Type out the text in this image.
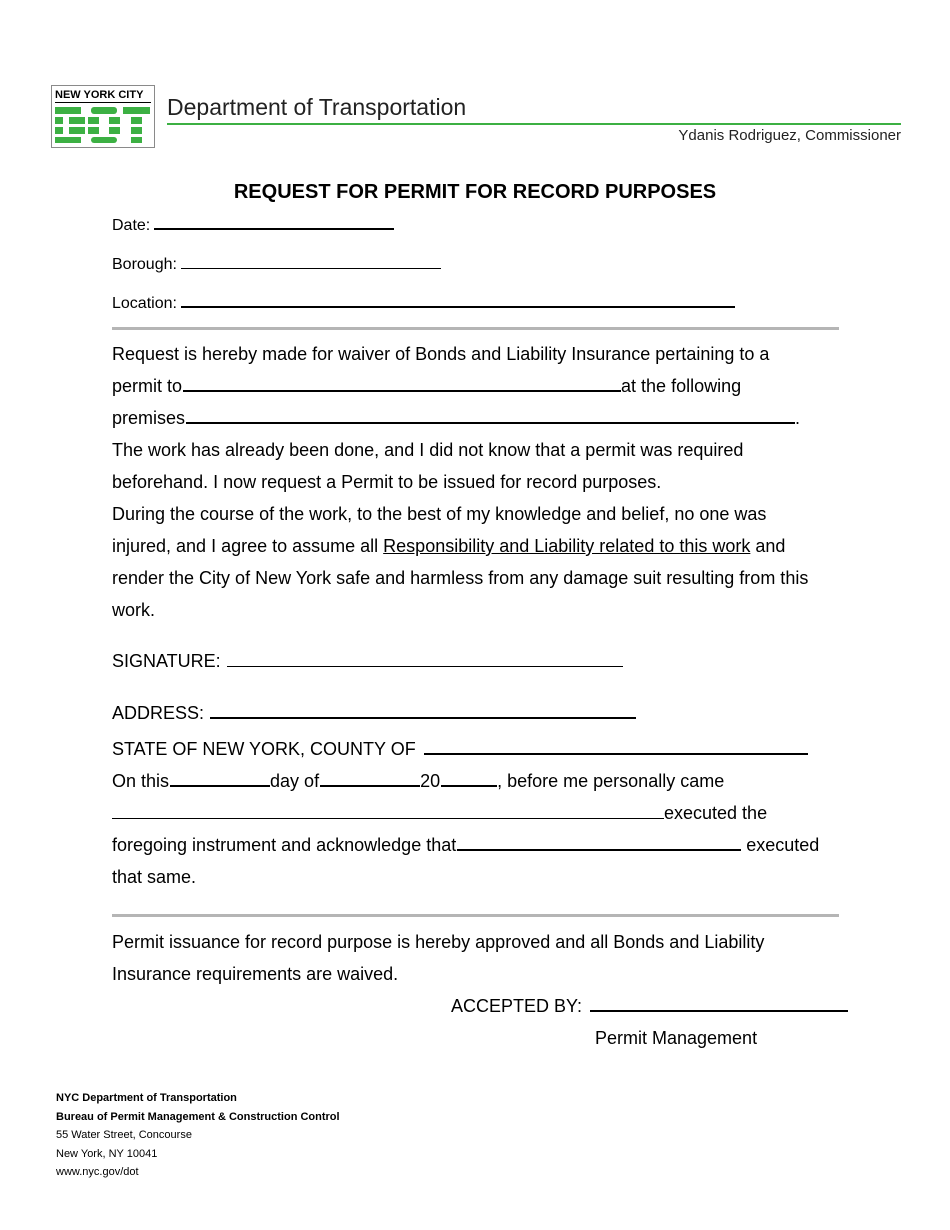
NEW YORK CITY
DOT	Department of Transportation
Ydanis Rodriguez, Commissioner
REQUEST FOR PERMIT FOR RECORD PURPOSES
Date:
Borough:
Location:
Request is hereby made for waiver of Bonds and Liability Insurance pertaining to a
permit to	at the following
premises	.
The work has already been done, and I did not know that a permit was required
beforehand. I now request a Permit to be issued for record purposes.
During the course of the work, to the best of my knowledge and belief, no one was
injured, and I agree to assume all Responsibility and Liability related to this work and
render the City of New York safe and harmless from any damage suit resulting from this
work.
SIGNATURE:
ADDRESS:
STATE OF NEW YORK, COUNTY OF
On this	day of	20	, before me personally came
executed the
foregoing instrument and acknowledge that	executed
that same.
Permit issuance for record purpose is hereby approved and all Bonds and Liability
Insurance requirements are waived.
ACCEPTED BY:
Permit Management
NYC Department of Transportation
Bureau of Permit Management & Construction Control
55 Water Street, Concourse
New York, NY 10041
www.nyc.gov/dot
